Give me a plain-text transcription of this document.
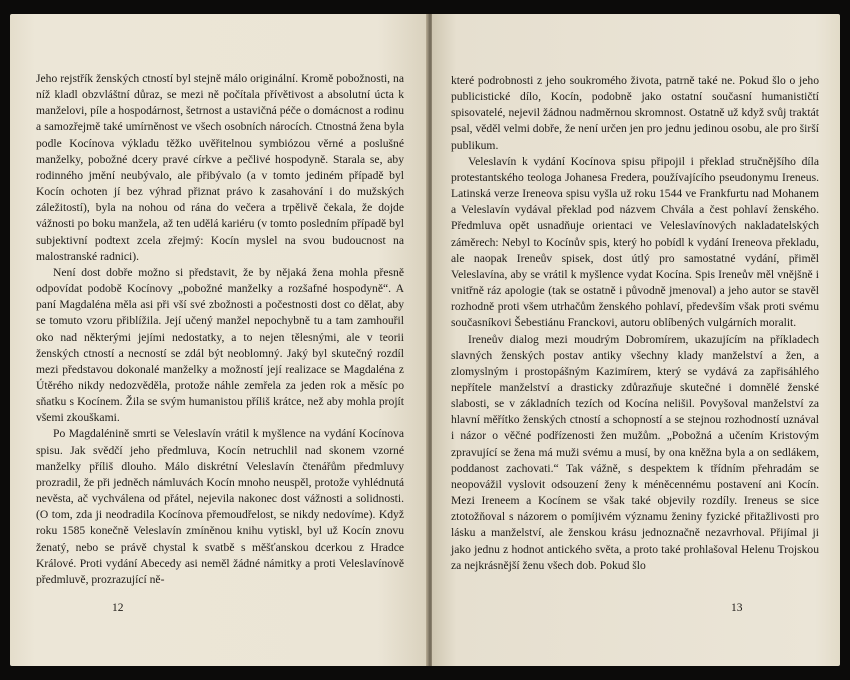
Jeho rejstřík ženských ctností byl stejně málo originální. Kromě pobožnosti, na níž kladl obzvláštní důraz, se mezi ně počítala přívětivost a absolutní úcta k manželovi, píle a hospodárnost, šetrnost a ustavičná péče o domácnost a rodinu a samozřejmě také umírněnost ve všech osobních nárocích. Ctnostná žena byla podle Kocínova výkladu těžko uvěřitelnou symbiózou věrné a poslušné manželky, pobožné dcery pravé církve a pečlivé hospodyně. Starala se, aby rodinného jmění neubývalo, ale přibývalo (a v tomto jediném případě byl Kocín ochoten jí bez výhrad přiznat právo k zasahování i do mužských záležitostí), byla na nohou od rána do večera a trpělivě čekala, že dojde vážnosti po boku manžela, až ten udělá kariéru (v tomto posledním případě byl subjektivní podtext zcela zřejmý: Kocín myslel na svou budoucnost na malostranské radnici).

Není dost dobře možno si představit, že by nějaká žena mohla přesně odpovídat podobě Kocínovy „pobožné manželky a rozšafné hospodyně“. A paní Magdaléna měla asi při vší své zbožnosti a počestnosti dost co dělat, aby se tomuto vzoru přiblížila. Její učený manžel nepochybně tu a tam zamhouřil oko nad některými jejími nedostatky, a to nejen tělesnými, ale v teorii ženských ctností a necností se zdál být neoblomný. Jaký byl skutečný rozdíl mezi představou dokonalé manželky a možností její realizace se Magdaléna z Útěrého nikdy nedozvěděla, protože náhle zemřela za jeden rok a měsíc po sňatku s Kocínem. Žila se svým humanistou příliš krátce, než aby mohla projít všemi zkouškami.

Po Magdalénině smrti se Veleslavín vrátil k myšlence na vydání Kocínova spisu. Jak svědčí jeho předmluva, Kocín netruchlil nad skonem vzorné manželky příliš dlouho. Málo diskrétní Veleslavín čtenářům předmluvy prozradil, že při jedněch námluvách Kocín mnoho neuspěl, protože vyhlédnutá nevěsta, ač vychválena od přátel, nejevila nakonec dost vážnosti a solidnosti. (O tom, zda ji neodradila Kocínova přemoudřelost, se nikdy nedovíme). Když roku 1585 konečně Veleslavín zmíněnou knihu vytiskl, byl už Kocín znovu ženatý, nebo se právě chystal k svatbě s měšťanskou dcerkou z Hradce Králové. Proti vydání Abecedy asi neměl žádné námitky a proti Veleslavínově předmluvě, prozrazující ně-

12

které podrobnosti z jeho soukromého života, patrně také ne. Pokud šlo o jeho publicistické dílo, Kocín, podobně jako ostatní současní humanističtí spisovatelé, nejevil žádnou nadměrnou skromnost. Ostatně už když svůj traktát psal, věděl velmi dobře, že není určen jen pro jednu jedinou osobu, ale pro širší publikum.

Veleslavín k vydání Kocínova spisu připojil i překlad stručnějšího díla protestantského teologa Johanesa Fredera, používajícího pseudonymu Ireneus. Latinská verze Ireneova spisu vyšla už roku 1544 ve Frankfurtu nad Mohanem a Veleslavín vydával překlad pod názvem Chvála a čest pohlaví ženského. Předmluva opět usnadňuje orientaci ve Veleslavínových nakladatelských záměrech: Nebyl to Kocínův spis, který ho pobídl k vydání Ireneova překladu, ale naopak Ireneův spisek, dost útlý pro samostatné vydání, přiměl Veleslavína, aby se vrátil k myšlence vydat Kocína. Spis Ireneův měl vnějšně i vnitřně ráz apologie (tak se ostatně i původně jmenoval) a jeho autor se stavěl rozhodně proti všem utrhačům ženského pohlaví, především však proti svému současníkovi Šebestiánu Franckovi, autoru oblíbených vulgárních moralit.

Ireneův dialog mezi moudrým Dobromírem, ukazujícím na příkladech slavných ženských postav antiky všechny klady manželství a žen, a zlomyslným i prostopášným Kazimírem, který se vydává za zapřisáhlého nepřítele manželství a drasticky zdůrazňuje skutečné i domnělé ženské slabosti, se v základních tezích od Kocína nelišil. Povyšoval manželství za hlavní měřítko ženských ctností a schopností a se stejnou rozhodností uznával i názor o věčné podřízenosti žen mužům. „Pobožná a učením Kristovým zpravující se žena má muži svému a musí, by ona kněžna byla a on sedlákem, poddanost zachovati.“ Tak vážně, s despektem k třídním přehradám se neopovážil vyslovit odsouzení ženy k méněcennému postavení ani Kocín. Mezi Ireneem a Kocínem se však také objevily rozdíly. Ireneus se sice ztotožňoval s názorem o pomíjivém významu ženiny fyzické přitažlivosti pro lásku a manželství, ale ženskou krásu jednoznačně nezavrhoval. Přijímal ji jako jednu z hodnot antického světa, a proto také prohlašoval Helenu Trojskou za nejkrásnější ženu všech dob. Pokud šlo

13
